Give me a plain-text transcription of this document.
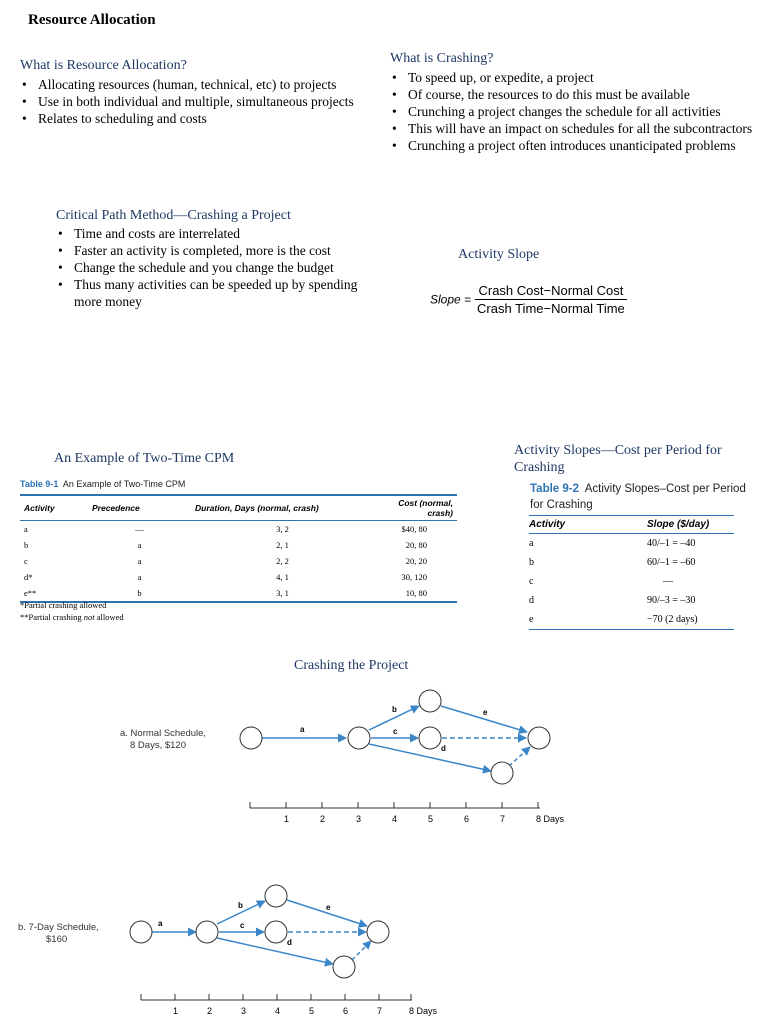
Resource Allocation
What is Resource Allocation?
• Allocating resources (human, technical, etc) to projects
• Use in both individual and multiple, simultaneous projects
• Relates to scheduling and costs
What is Crashing?
• To speed up, or expedite, a project
• Of course, the resources to do this must be available
• Crunching a project changes the schedule for all activities
• This will have an impact on schedules for all the subcontractors
• Crunching a project often introduces unanticipated problems
Critical Path Method—Crashing a Project
• Time and costs are interrelated
• Faster an activity is completed, more is the cost
• Change the schedule and you change the budget
• Thus many activities can be speeded up by spending more money
Activity Slope
Slope = $\frac{\text{Crash Cost−Normal Cost}}{\text{Crash Time−Normal Time}}$
An Example of Two-Time CPM
Table 9-1 An Example of Two-Time CPM
Activity	Precedence	Duration, Days (normal, crash)	Cost (normal, crash)
a	—	3, 2	$40, 80
b	a	2, 1	20, 80
c	a	2, 2	20, 20
d*	a	4, 1	30, 120
e**	b	3, 1	10, 80
*Partial crashing allowed
**Partial crashing not allowed
Activity Slopes—Cost per Period for Crashing
Table 9-2 Activity Slopes–Cost per Period for Crashing
Activity	Slope ($/day)
a	40/–1 = –40
b	60/–1 = –60
c	—
d	90/–3 = –30
e	−70 (2 days)
Crashing the Project
a. Normal Schedule,
8 Days, $120
a
b
c
d
e
1	2	3	4	5	6	7	8 Days
b. 7-Day Schedule,
$160
a
b
c
d
e
1	2	3	4	5	6	7	8 Days
